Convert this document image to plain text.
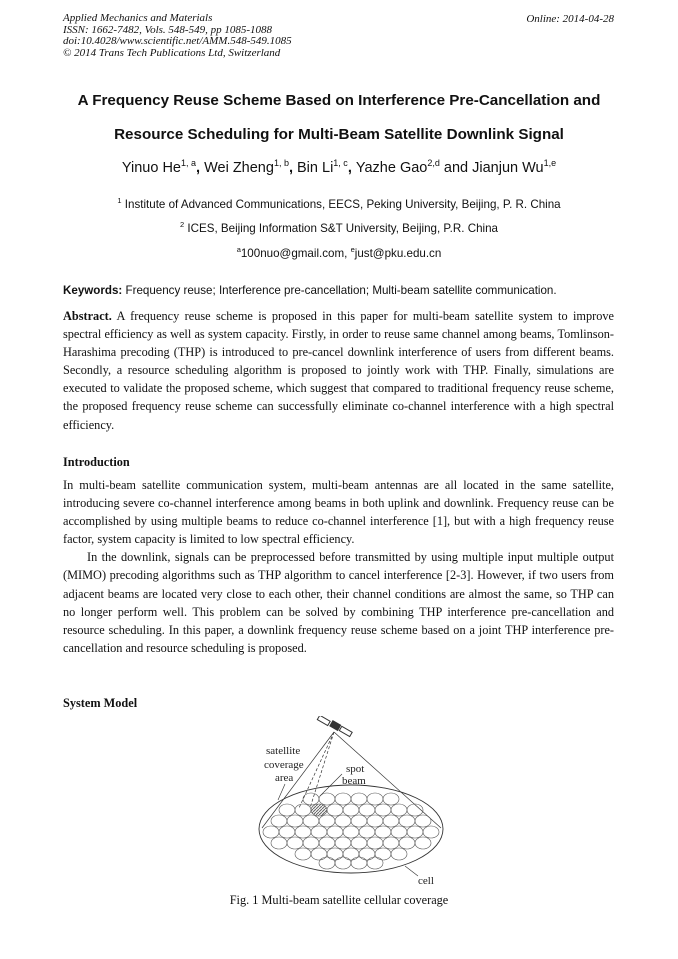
Applied Mechanics and Materials
ISSN: 1662-7482, Vols. 548-549, pp 1085-1088
doi:10.4028/www.scientific.net/AMM.548-549.1085
© 2014 Trans Tech Publications Ltd, Switzerland
Online: 2014-04-28
A Frequency Reuse Scheme Based on Interference Pre-Cancellation and
Resource Scheduling for Multi-Beam Satellite Downlink Signal
Yinuo He$^{1, a}$, Wei Zheng$^{1, b}$, Bin Li$^{1, c}$, Yazhe Gao$^{2,d}$ and Jianjun Wu$^{1,e}$
$^1$ Institute of Advanced Communications, EECS, Peking University, Beijing, P. R. China
$^2$ ICES, Beijing Information S&T University, Beijing, P.R. China
$^a$100nuo@gmail.com, $^e$just@pku.edu.cn
Keywords: Frequency reuse; Interference pre-cancellation; Multi-beam satellite communication.

Abstract. A frequency reuse scheme is proposed in this paper for multi-beam satellite system to improve spectral efficiency as well as system capacity. Firstly, in order to reuse same channel among beams, Tomlinson-Harashima precoding (THP) is introduced to pre-cancel downlink interference of users from different beams. Secondly, a resource scheduling algorithm is proposed to jointly work with THP. Finally, simulations are executed to validate the proposed scheme, which suggest that compared to traditional frequency reuse scheme, the proposed frequency reuse scheme can successfully eliminate co-channel interference with a high spectral efficiency.

Introduction

In multi-beam satellite communication system, multi-beam antennas are all located in the same satellite, introducing severe co-channel interference among beams in both uplink and downlink. Frequency reuse can be accomplished by using multiple beams to reduce co-channel interference [1], but with a high frequency reuse factor, system capacity is limited to low spectral efficiency.

In the downlink, signals can be preprocessed before transmitted by using multiple input multiple output (MIMO) precoding algorithms such as THP algorithm to cancel interference [2-3]. However, if two users from adjacent beams are located very close to each other, their channel conditions are almost the same, so THP can no longer perform well. This problem can be solved by combining THP interference pre-cancellation and resource scheduling. In this paper, a downlink frequency reuse scheme based on a joint THP interference pre-cancellation and resource scheduling is proposed.

System Model
satellite
coverage
area
spot
beam
cell
Fig. 1 Multi-beam satellite cellular coverage
